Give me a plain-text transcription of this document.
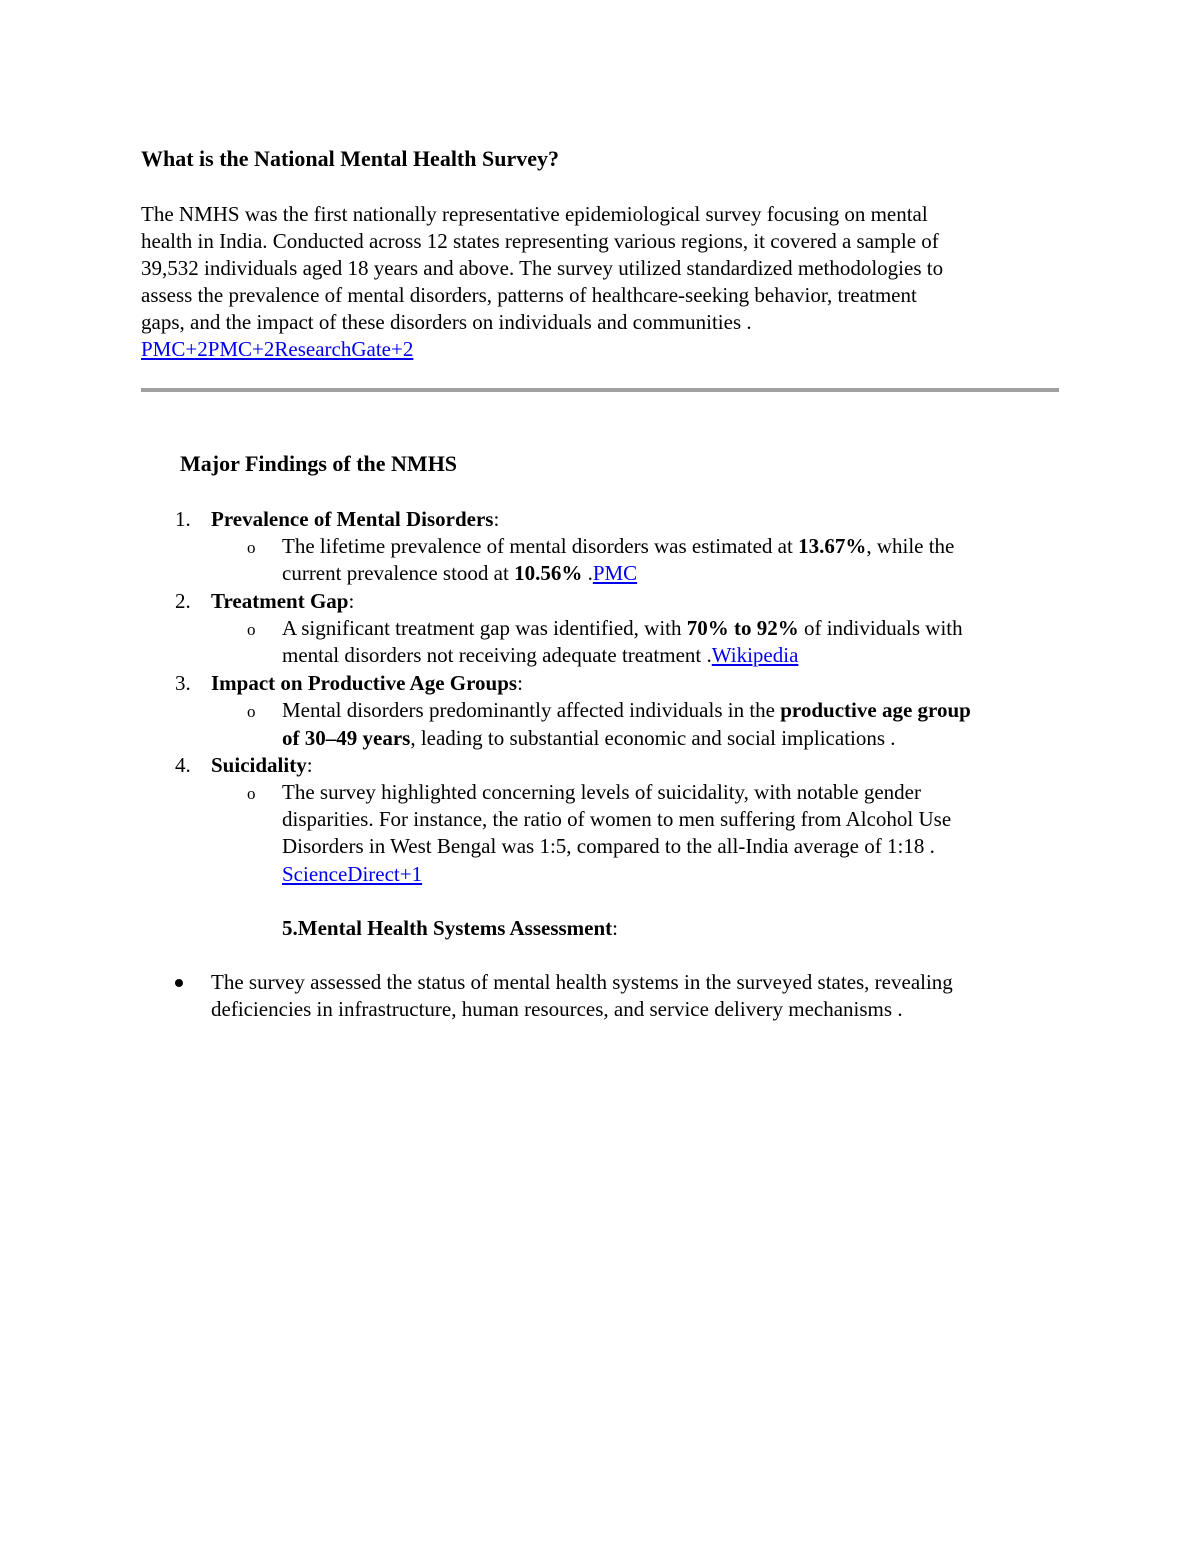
What is the National Mental Health Survey?
The NMHS was the first nationally representative epidemiological survey focusing on mental
health in India. Conducted across 12 states representing various regions, it covered a sample of
39,532 individuals aged 18 years and above. The survey utilized standardized methodologies to
assess the prevalence of mental disorders, patterns of healthcare-seeking behavior, treatment
gaps, and the impact of these disorders on individuals and communities .
PMC+2PMC+2ResearchGate+2
Major Findings of the NMHS
1. Prevalence of Mental Disorders:
o The lifetime prevalence of mental disorders was estimated at 13.67%, while the
current prevalence stood at 10.56% .PMC
2. Treatment Gap:
o A significant treatment gap was identified, with 70% to 92% of individuals with
mental disorders not receiving adequate treatment .Wikipedia
3. Impact on Productive Age Groups:
o Mental disorders predominantly affected individuals in the productive age group
of 30–49 years, leading to substantial economic and social implications .
4. Suicidality:
o The survey highlighted concerning levels of suicidality, with notable gender
disparities. For instance, the ratio of women to men suffering from Alcohol Use
Disorders in West Bengal was 1:5, compared to the all-India average of 1:18 .
ScienceDirect+1
5.Mental Health Systems Assessment:
The survey assessed the status of mental health systems in the surveyed states, revealing
deficiencies in infrastructure, human resources, and service delivery mechanisms .
